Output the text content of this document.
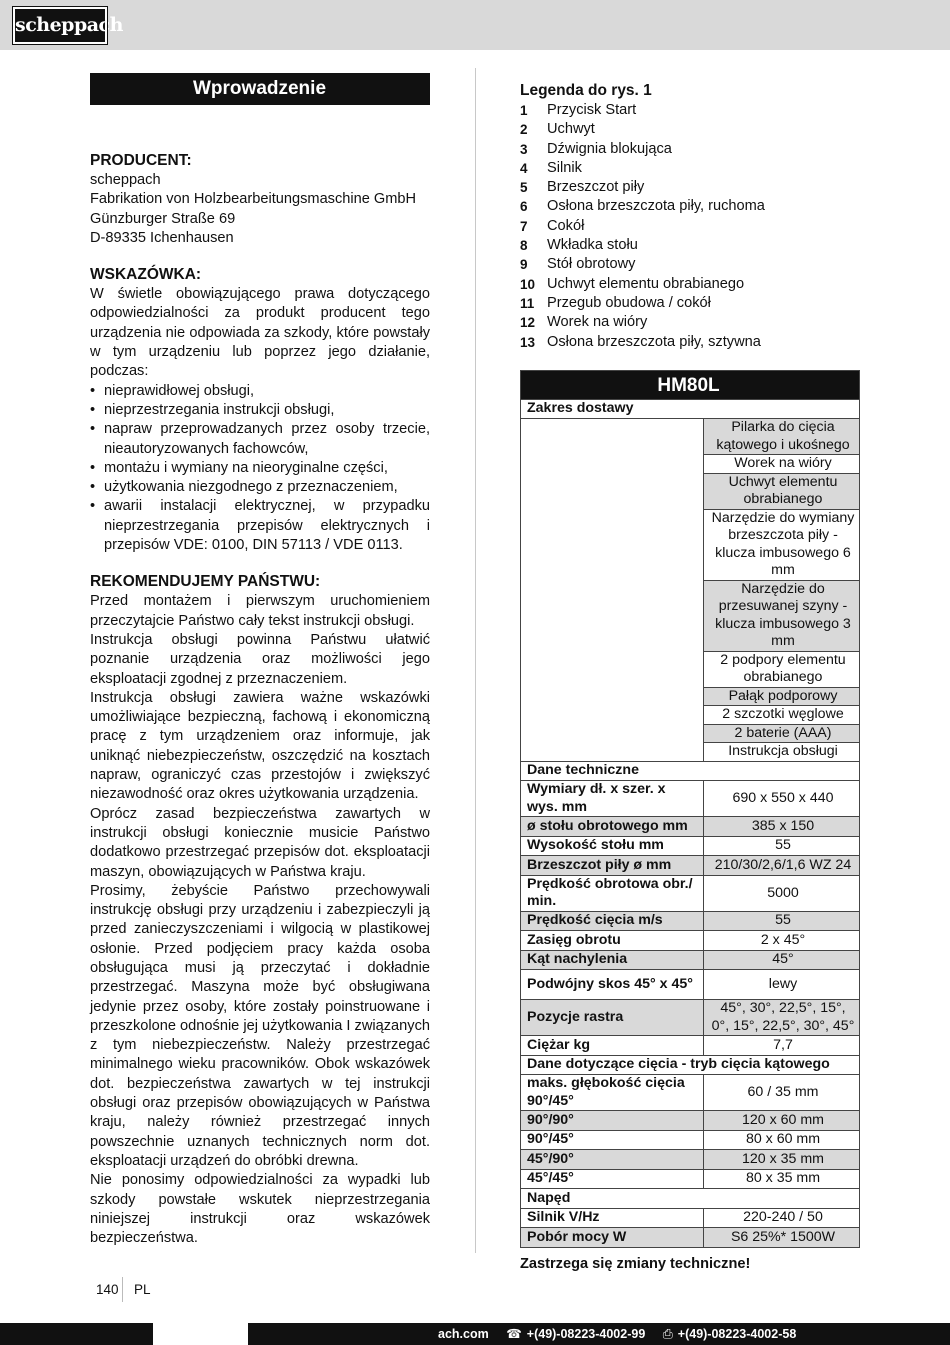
scheppach
Wprowadzenie
PRODUCENT:
scheppach
Fabrikation von Holzbearbeitungsmaschine GmbH
Günzburger Straße 69
D-89335 Ichenhausen
WSKAZÓWKA:
W świetle obowiązującego prawa dotyczącego odpowiedzialności za produkt producent tego urządzenia nie odpowiada za szkody, które powstały w tym urządzeniu lub poprzez jego działanie, podczas:
• nieprawidłowej obsługi,
• nieprzestrzegania instrukcji obsługi,
• napraw przeprowadzanych przez osoby trzecie, nieautoryzowanych fachowców,
• montażu i wymiany na nieoryginalne części,
• użytkowania niezgodnego z przeznaczeniem,
• awarii instalacji elektrycznej, w przypadku nieprzestrzegania przepisów elektrycznych i przepisów VDE: 0100, DIN 57113 / VDE 0113.
REKOMENDUJEMY PAŃSTWU:
Przed montażem i pierwszym uruchomieniem przeczytajcie Państwo cały tekst instrukcji obsługi.
Instrukcja obsługi powinna Państwu ułatwić poznanie urządzenia oraz możliwości jego eksploatacji zgodnej z przeznaczeniem.
Instrukcja obsługi zawiera ważne wskazówki umożliwiające bezpieczną, fachową i ekonomiczną pracę z tym urządzeniem oraz informuje, jak uniknąć niebezpieczeństw, oszczędzić na kosztach napraw, ograniczyć czas przestojów i zwiększyć niezawodność oraz okres użytkowania urządzenia.
Oprócz zasad bezpieczeństwa zawartych w instrukcji obsługi koniecznie musicie Państwo dodatkowo przestrzegać przepisów dot. eksploatacji maszyn, obowiązujących w Państwa kraju.
Prosimy, żebyście Państwo przechowywali instrukcję obsługi przy urządzeniu i zabezpieczyli ją przed zanieczyszczeniami i wilgocią w plastikowej osłonie. Przed podjęciem pracy każda osoba obsługująca musi ją przeczytać i dokładnie przestrzegać. Maszyna może być obsługiwana jedynie przez osoby, które zostały poinstruowane i przeszkolone odnośnie jej użytkowania I związanych z tym niebezpieczeństw. Należy przestrzegać minimalnego wieku pracowników. Obok wskazówek dot. bezpieczeństwa zawartych w tej instrukcji obsługi oraz przepisów obowiązujących w Państwa kraju, należy również przestrzegać innych powszechnie uznanych technicznych norm dot. eksploatacji urządzeń do obróbki drewna.
Nie ponosimy odpowiedzialności za wypadki lub szkody powstałe wskutek nieprzestrzegania niniejszej instrukcji oraz wskazówek bezpieczeństwa.
Legenda do rys. 1
1	Przycisk Start
2	Uchwyt
3	Dźwignia blokująca
4	Silnik
5	Brzeszczot piły
6	Osłona brzeszczota piły, ruchoma
7	Cokół
8	Wkładka stołu
9	Stół obrotowy
10 Uchwyt elementu obrabianego
11 Przegub obudowa / cokół
12 Worek na wióry
13 Osłona brzeszczota piły, sztywna
HM80L	
Zakres dostawy	
	Pilarka do cięcia kątowego i ukośnego
	Worek na wióry
	Uchwyt elementu obrabianego
	Narzędzie do wymiany brzeszczota piły - klucza imbusowego 6 mm
	Narzędzie do przesuwanej szyny - klucza imbusowego 3 mm
	2 podpory elementu obrabianego
	Pałąk podporowy
	2 szczotki węglowe
	2 baterie (AAA)
	Instrukcja obsługi
Dane techniczne	
Wymiary dł. x szer. x wys. mm	690 x 550 x 440
ø stołu obrotowego mm	385 x 150
Wysokość stołu mm	55
Brzeszczot piły ø mm	210/30/2,6/1,6 WZ 24
Prędkość obrotowa obr./ min.	5000
Prędkość cięcia m/s	55
Zasięg obrotu	2 x 45°
Kąt nachylenia	45°
Podwójny skos 45° x 45°	lewy
Pozycje rastra	45°, 30°, 22,5°, 15°, 0°, 15°, 22,5°, 30°, 45°
Ciężar kg	7,7
Dane dotyczące cięcia - tryb cięcia kątowego	
maks. głębokość cięcia 90°/45°	60 / 35 mm
90°/90°	120 x 60 mm
90°/45°	80 x 60 mm
45°/90°	120 x 35 mm
45°/45°	80 x 35 mm
Napęd	
Silnik V/Hz	220-240 / 50
Pobór mocy W	S6 25%* 1500W
Zastrzega się zmiany techniczne!
140 PL
ach.com ☎ +(49)-08223-4002-99 ⎙ +(49)-08223-4002-58
